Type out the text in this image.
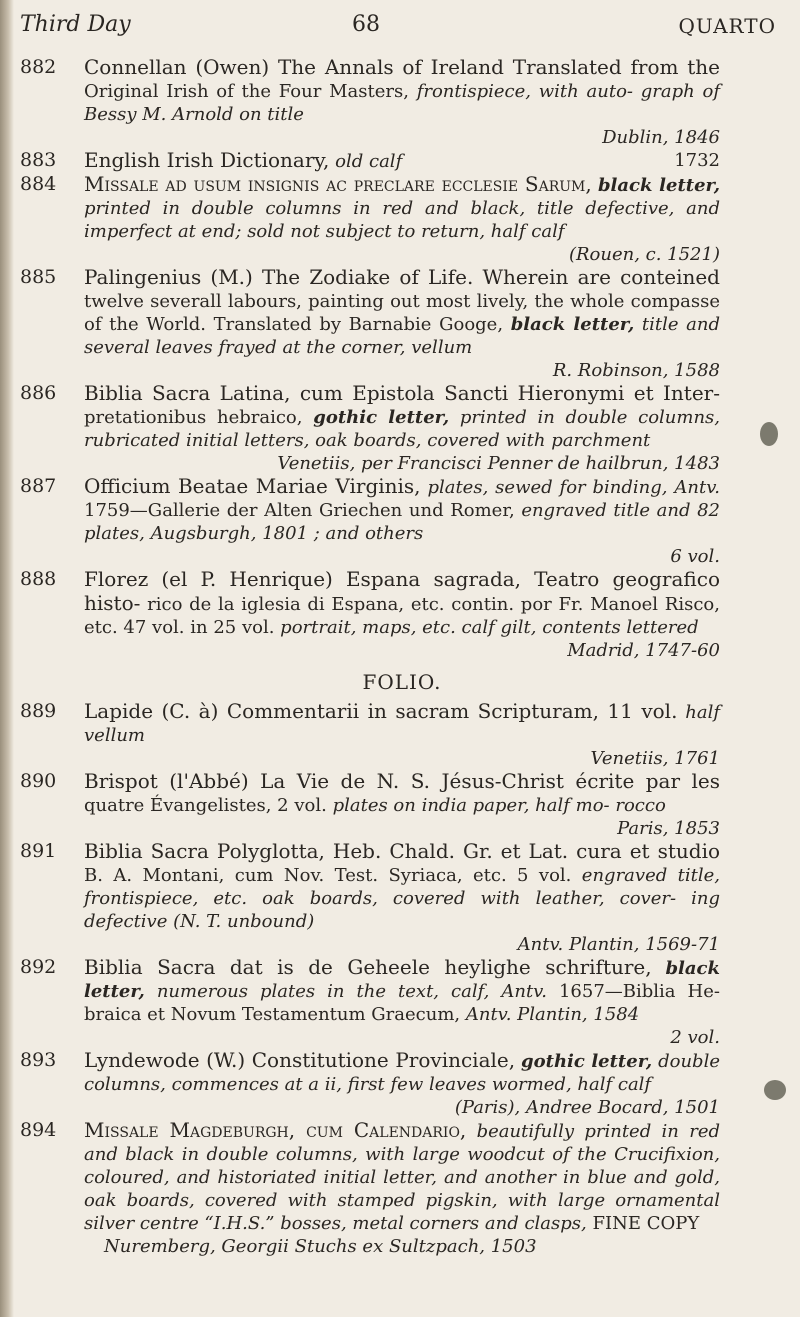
Third Day	68	QUARTO
882 Connellan (Owen) The Annals of Ireland Translated from the Original Irish of the Four Masters, frontispiece, with auto- graph of Bessy M. Arnold on title
Dublin, 1846
883 English Irish Dictionary, old calf	1732
884 Missale ad usum insignis ac preclare ecclesie Sarum, black letter, printed in double columns in red and black, title defective, and imperfect at end; sold not subject to return, half calf
(Rouen, c. 1521)
885 Palingenius (M.) The Zodiake of Life. Wherein are conteined twelve severall labours, painting out most lively, the whole compasse of the World. Translated by Barnabie Googe, black letter, title and several leaves frayed at the corner, vellum
R. Robinson, 1588
886 Biblia Sacra Latina, cum Epistola Sancti Hieronymi et Inter- pretationibus hebraico, gothic letter, printed in double columns, rubricated initial letters, oak boards, covered with parchment
Venetiis, per Francisci Penner de hailbrun, 1483
887 Officium Beatae Mariae Virginis, plates, sewed for binding, Antv. 1759—Gallerie der Alten Griechen und Romer, engraved title and 82 plates, Augsburgh, 1801 ; and others
6 vol.
888 Florez (el P. Henrique) Espana sagrada, Teatro geografico histo- rico de la iglesia di Espana, etc. contin. por Fr. Manoel Risco, etc. 47 vol. in 25 vol. portrait, maps, etc. calf gilt, contents lettered
Madrid, 1747-60
FOLIO.
889 Lapide (C. à) Commentarii in sacram Scripturam, 11 vol. half vellum
Venetiis, 1761
890 Brispot (l'Abbé) La Vie de N. S. Jésus-Christ écrite par les quatre Évangelistes, 2 vol. plates on india paper, half mo- rocco
Paris, 1853
891 Biblia Sacra Polyglotta, Heb. Chald. Gr. et Lat. cura et studio B. A. Montani, cum Nov. Test. Syriaca, etc. 5 vol. engraved title, frontispiece, etc. oak boards, covered with leather, cover- ing defective (N. T. unbound)
Antv. Plantin, 1569-71
892 Biblia Sacra dat is de Geheele heylighe schrifture, black letter, numerous plates in the text, calf, Antv. 1657—Biblia He- braica et Novum Testamentum Graecum, Antv. Plantin, 1584
2 vol.
893 Lyndewode (W.) Constitutione Provinciale, gothic letter, double columns, commences at a ii, first few leaves wormed, half calf
(Paris), Andree Bocard, 1501
894 Missale Magdeburgh, cum Calendario, beautifully printed in red and black in double columns, with large woodcut of the Crucifixion, coloured, and historiated initial letter, and another in blue and gold, oak boards, covered with stamped pigskin, with large ornamental silver centre “I.H.S.” bosses, metal corners and clasps, FINE COPY
Nuremberg, Georgii Stuchs ex Sultzpach, 1503
